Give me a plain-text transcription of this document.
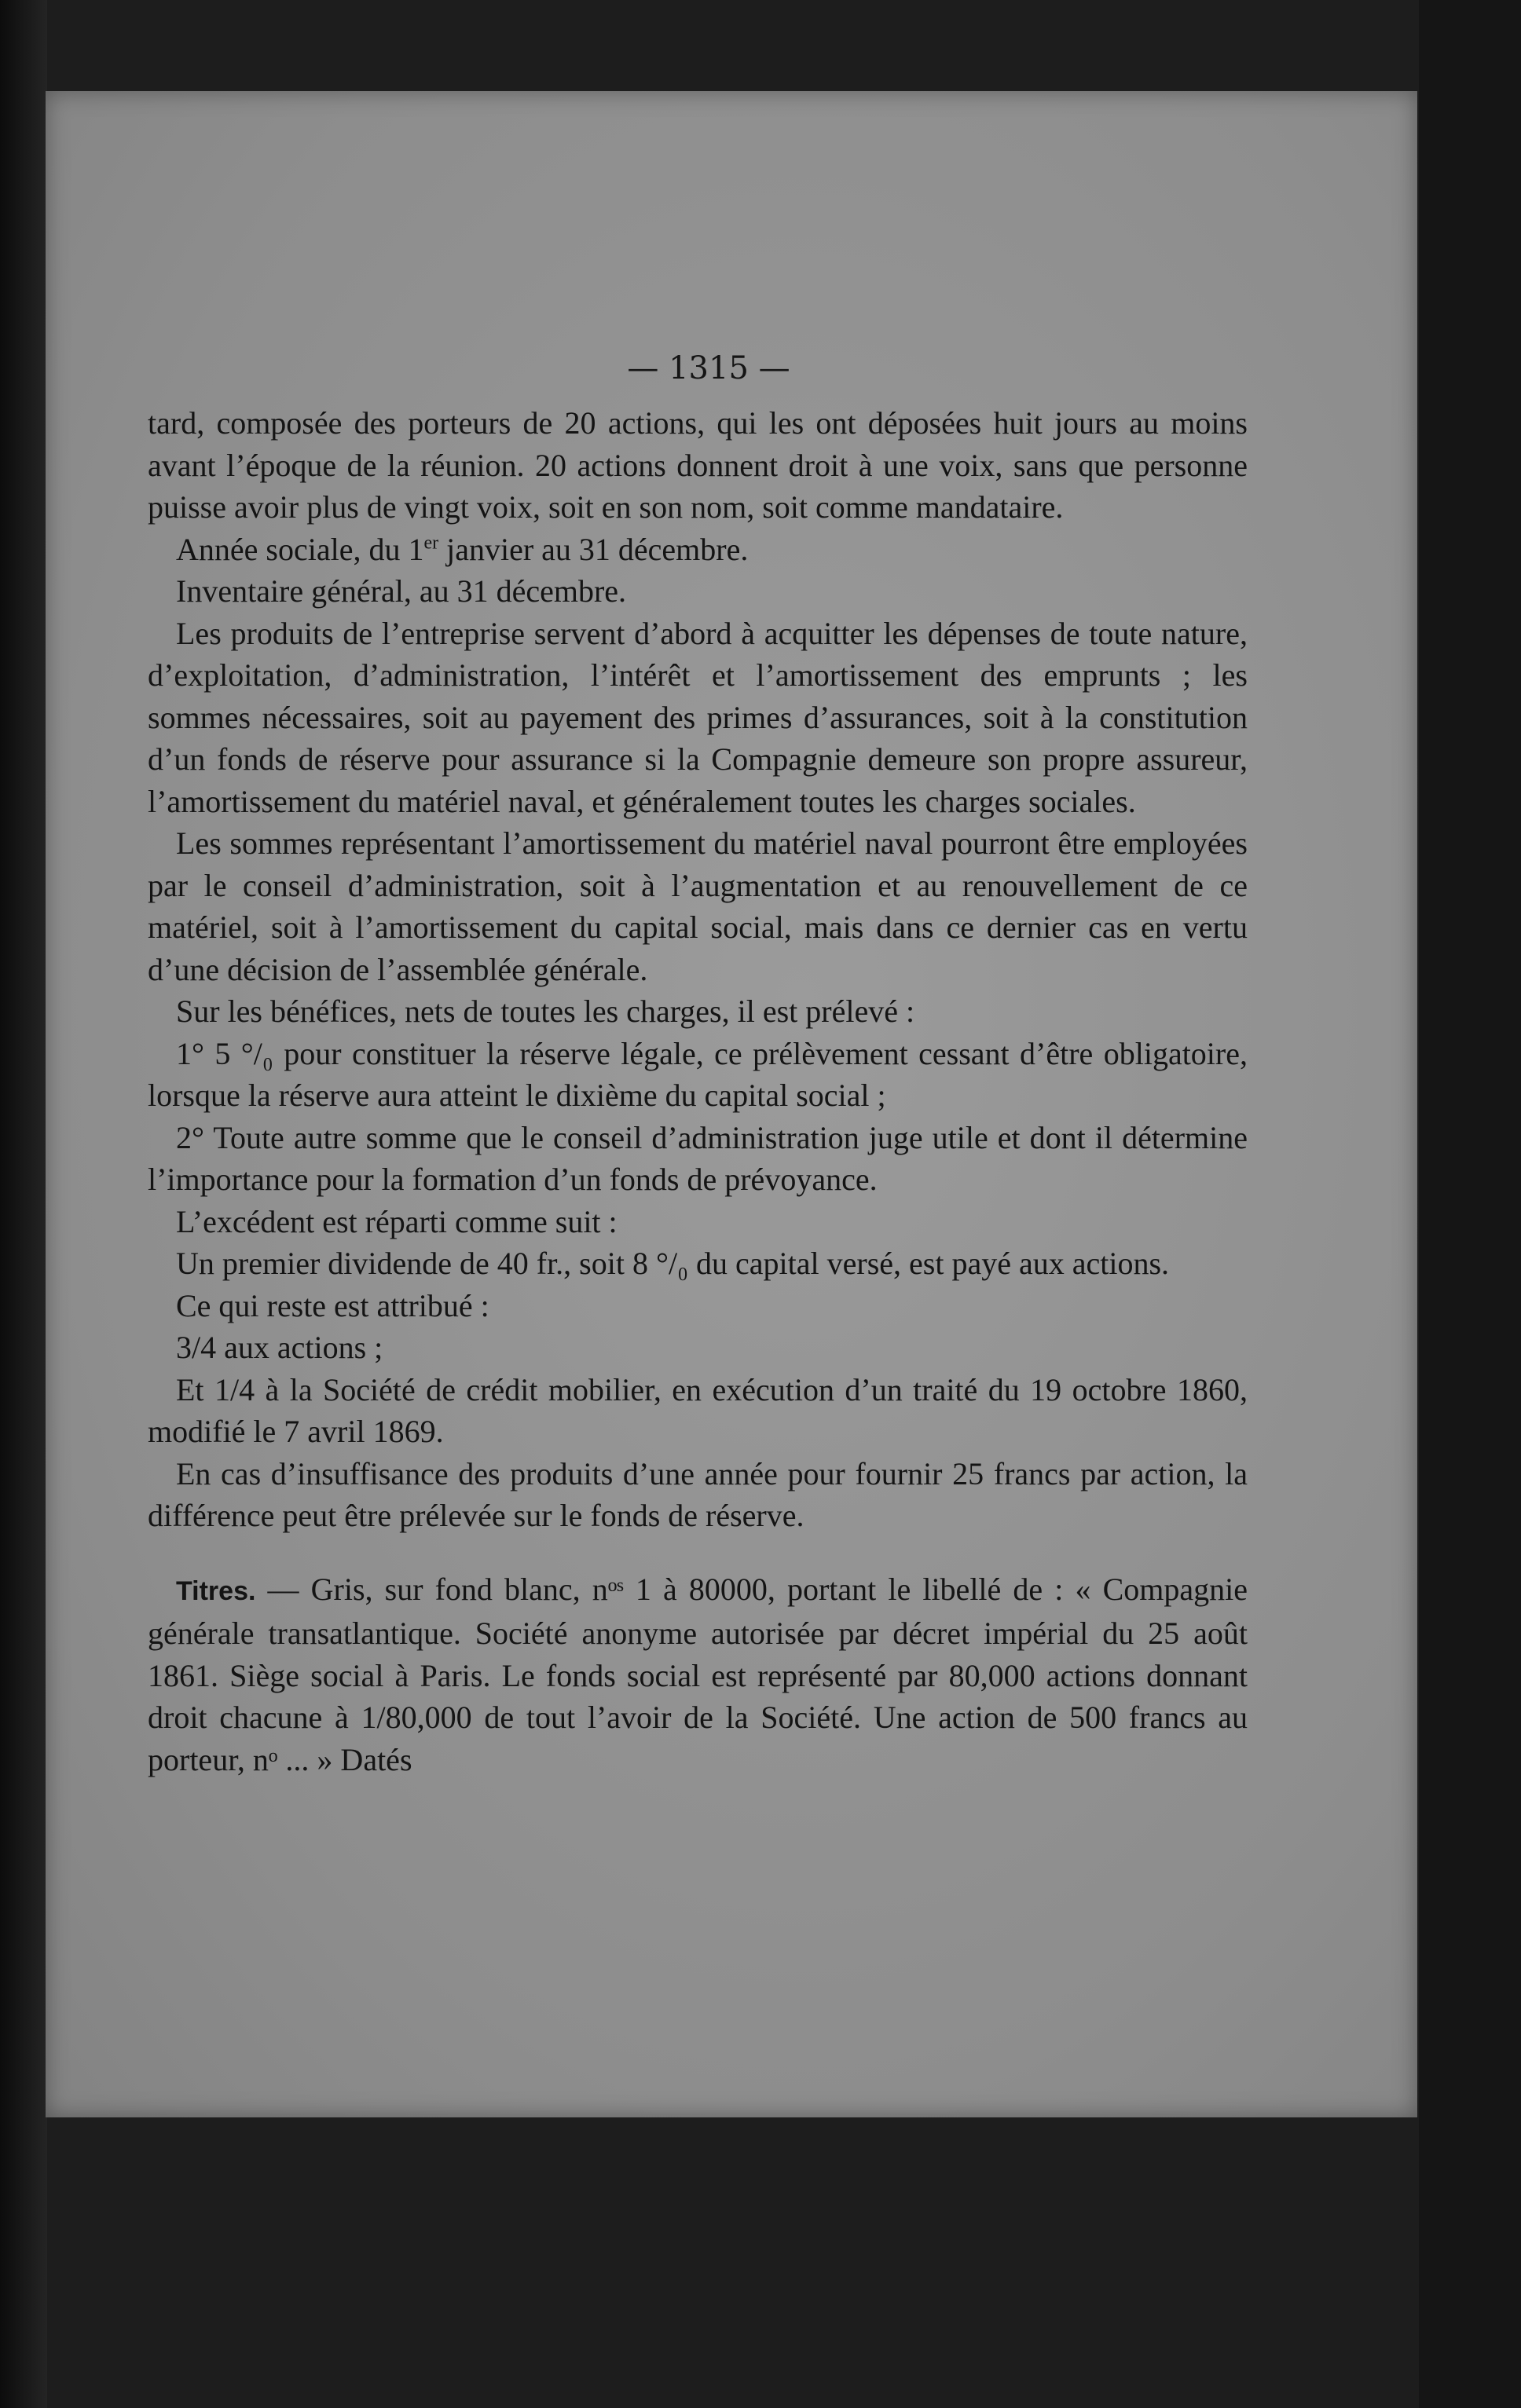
— 1315 —

tard, composée des porteurs de 20 actions, qui les ont déposées huit jours au moins avant l’époque de la réunion. 20 actions donnent droit à une voix, sans que personne puisse avoir plus de vingt voix, soit en son nom, soit comme mandataire.

Année sociale, du 1er janvier au 31 décembre.

Inventaire général, au 31 décembre.

Les produits de l’entreprise servent d’abord à acquitter les dépenses de toute nature, d’exploitation, d’administration, l’intérêt et l’amortissement des emprunts ; les sommes nécessaires, soit au payement des primes d’assurances, soit à la constitution d’un fonds de réserve pour assurance si la Compagnie demeure son propre assureur, l’amortissement du matériel naval, et généralement toutes les charges sociales.

Les sommes représentant l’amortissement du matériel naval pourront être employées par le conseil d’administration, soit à l’augmentation et au renouvellement de ce matériel, soit à l’amortissement du capital social, mais dans ce dernier cas en vertu d’une décision de l’assemblée générale.

Sur les bénéfices, nets de toutes les charges, il est prélevé :

1° 5 °/₀ pour constituer la réserve légale, ce prélèvement cessant d’être obligatoire, lorsque la réserve aura atteint le dixième du capital social ;

2° Toute autre somme que le conseil d’administration juge utile et dont il détermine l’importance pour la formation d’un fonds de prévoyance.

L’excédent est réparti comme suit :

Un premier dividende de 40 fr., soit 8 °/₀ du capital versé, est payé aux actions.

Ce qui reste est attribué :

3/4 aux actions ;

Et 1/4 à la Société de crédit mobilier, en exécution d’un traité du 19 octobre 1860, modifié le 7 avril 1869.

En cas d’insuffisance des produits d’une année pour fournir 25 francs par action, la différence peut être prélevée sur le fonds de réserve.

Titres. — Gris, sur fond blanc, nᵒˢ 1 à 80000, portant le libellé de : « Compagnie générale transatlantique. Société anonyme autorisée par décret impérial du 25 août 1861. Siège social à Paris. Le fonds social est représenté par 80,000 actions donnant droit chacune à 1/80,000 de tout l’avoir de la Société. Une action de 500 francs au porteur, nᵒ ... » Datés
